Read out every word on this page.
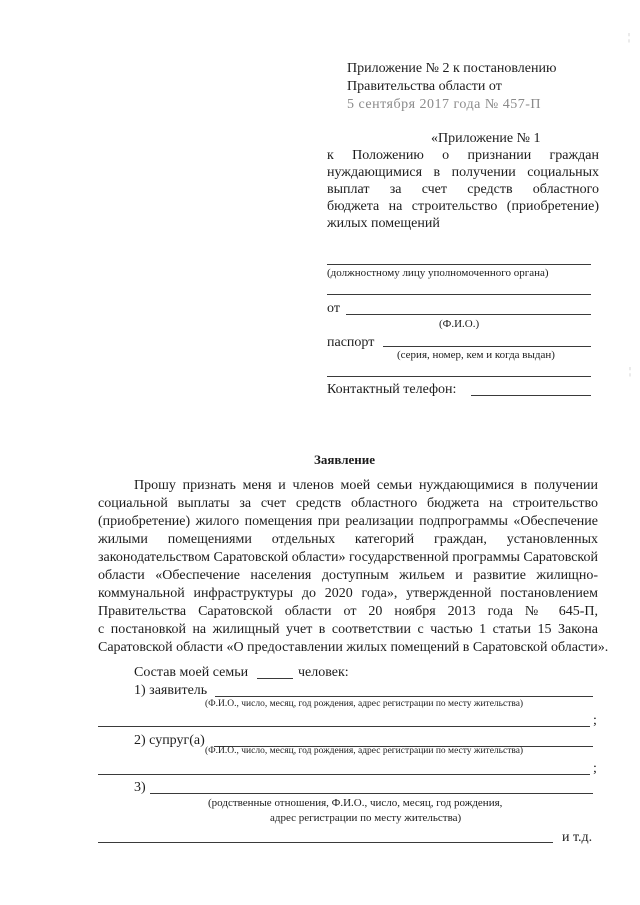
¦
¦
Приложение № 2 к постановлению
Правительства области от
5 сентября 2017 года № 457-П
«Приложение № 1
к Положению о признании граждан
нуждающимися в получении социальных
выплат за счет средств областного
бюджета на строительство (приобретение)
жилых помещений
(должностному лицу уполномоченного органа)
от
(Ф.И.О.)
паспорт
(серия, номер, кем и когда выдан)
Контактный телефон:
Заявление
Прошу признать меня и членов моей семьи нуждающимися в получении
социальной выплаты за счет средств областного бюджета на строительство
(приобретение) жилого помещения при реализации подпрограммы «Обеспечение
жилыми помещениями отдельных категорий граждан, установленных
законодательством Саратовской области» государственной программы Саратовской
области «Обеспечение населения доступным жильем и развитие жилищно-
коммунальной инфраструктуры до 2020 года», утвержденной постановлением
Правительства Саратовской области от 20 ноября 2013 года № 645-П,
с постановкой на жилищный учет в соответствии с частью 1 статьи 15 Закона
Саратовской области «О предоставлении жилых помещений в Саратовской области».
Состав моей семьи	человек:
1) заявитель
(Ф.И.О., число, месяц, год рождения, адрес регистрации по месту жительства)
;
2) супруг(а)
(Ф.И.О., число, месяц, год рождения, адрес регистрации по месту жительства)
;
3)
(родственные отношения, Ф.И.О., число, месяц, год рождения,
адрес регистрации по месту жительства)
и т.д.
